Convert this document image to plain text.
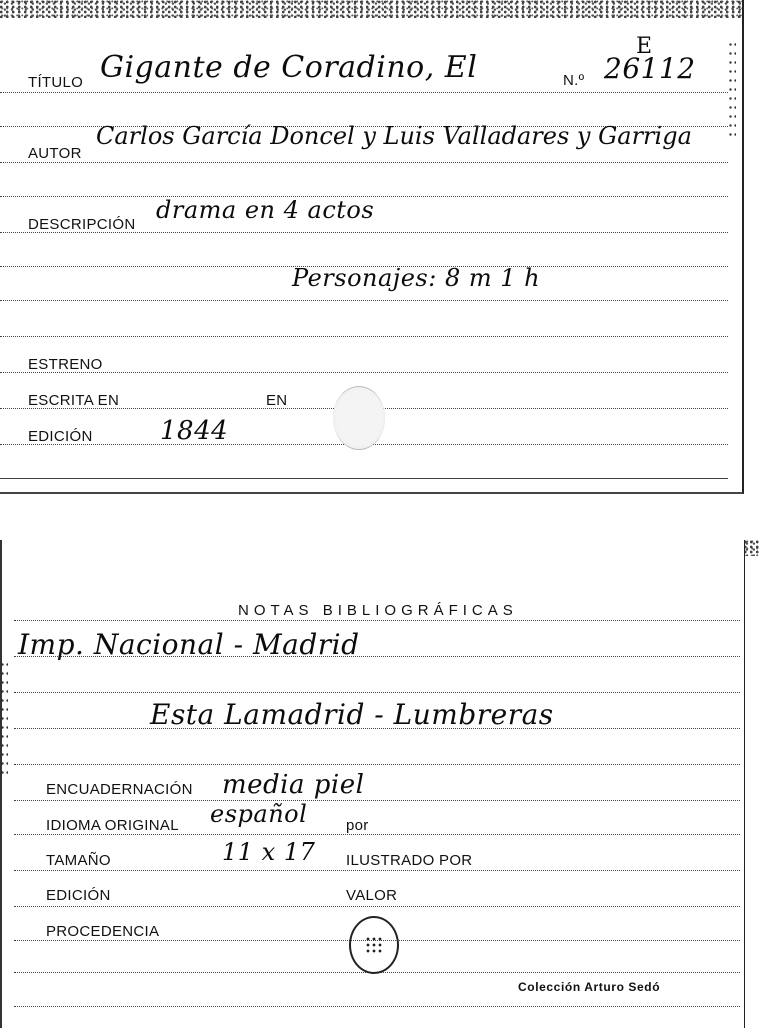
TÍTULO Gigante de Coradino, El	N.º 26112
E
AUTOR
Carlos García Doncel y Luis Valladares y Garriga
DESCRIPCIÓN
drama en 4 actos
Personajes: 8 m 1 h
ESTRENO
ESCRITA EN	EN
EDICIÓN	1844
NOTAS BIBLIOGRÁFICAS
Imp. Nacional - Madrid
Esta Lamadrid - Lumbreras
ENCUADERNACIÓN media piel
IDIOMA ORIGINAL español	por
TAMAÑO	11 x 17 ILUSTRADO POR
EDICIÓN	VALOR
PROCEDENCIA
Colección Arturo Sedó
